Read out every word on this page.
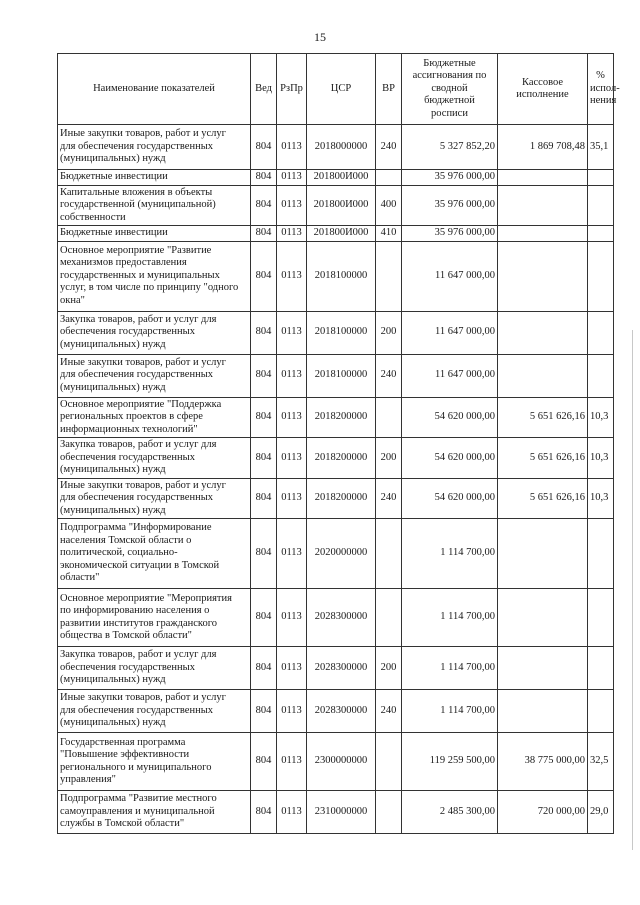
15
Наименование показателей	Вед	РзПр	ЦСР	ВР	Бюджетные
ассигнования по
сводной
бюджетной
росписи	Кассовое
исполнение	%
испол-
нения
Иные закупки товаров, работ и услуг
для обеспечения государственных
(муниципальных) нужд	804	0113	2018000000	240	5 327 852,20	1 869 708,48	35,1
Бюджетные инвестиции	804	0113	201800И000		35 976 000,00		
Капитальные вложения в объекты
государственной (муниципальной)
собственности	804	0113	201800И000	400	35 976 000,00		
Бюджетные инвестиции	804	0113	201800И000	410	35 976 000,00		
Основное мероприятие "Развитие
механизмов предоставления
государственных и муниципальных
услуг, в том числе по принципу "одного
окна"	804	0113	2018100000		11 647 000,00		
Закупка товаров, работ и услуг для
обеспечения государственных
(муниципальных) нужд	804	0113	2018100000	200	11 647 000,00		
Иные закупки товаров, работ и услуг
для обеспечения государственных
(муниципальных) нужд	804	0113	2018100000	240	11 647 000,00		
Основное мероприятие "Поддержка
региональных проектов в сфере
информационных технологий"	804	0113	2018200000		54 620 000,00	5 651 626,16	10,3
Закупка товаров, работ и услуг для
обеспечения государственных
(муниципальных) нужд	804	0113	2018200000	200	54 620 000,00	5 651 626,16	10,3
Иные закупки товаров, работ и услуг
для обеспечения государственных
(муниципальных) нужд	804	0113	2018200000	240	54 620 000,00	5 651 626,16	10,3
Подпрограмма "Информирование
населения Томской области о
политической, социально-
экономической ситуации в Томской
области"	804	0113	2020000000		1 114 700,00		
Основное мероприятие "Мероприятия
по информированию населения о
развитии институтов гражданского
общества в Томской области"	804	0113	2028300000		1 114 700,00		
Закупка товаров, работ и услуг для
обеспечения государственных
(муниципальных) нужд	804	0113	2028300000	200	1 114 700,00		
Иные закупки товаров, работ и услуг
для обеспечения государственных
(муниципальных) нужд	804	0113	2028300000	240	1 114 700,00		
Государственная программа
"Повышение эффективности
регионального и муниципального
управления"	804	0113	2300000000		119 259 500,00	38 775 000,00	32,5
Подпрограмма "Развитие местного
самоуправления и муниципальной
службы в Томской области"	804	0113	2310000000		2 485 300,00	720 000,00	29,0
